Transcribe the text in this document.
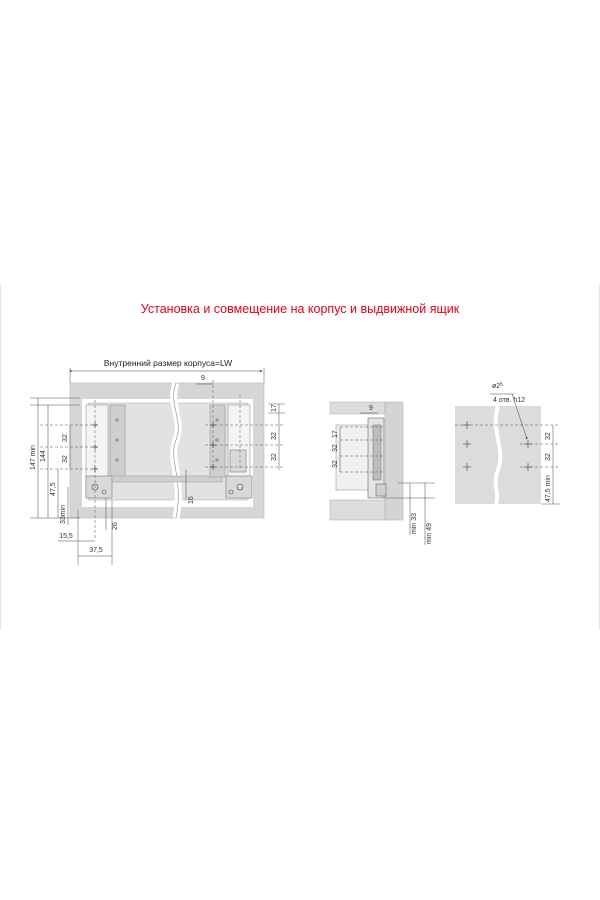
Установка и совмещение на корпус и выдвижной ящик
Внутренний размер корпуса=LW
9
17
32
32
147 min 144
32
32
47,5
33min
15,5
37,5
26
16
17
32
32
9
min 33 min 49
32
32
47,5 min
$ø2^5$
4 отв. h12
